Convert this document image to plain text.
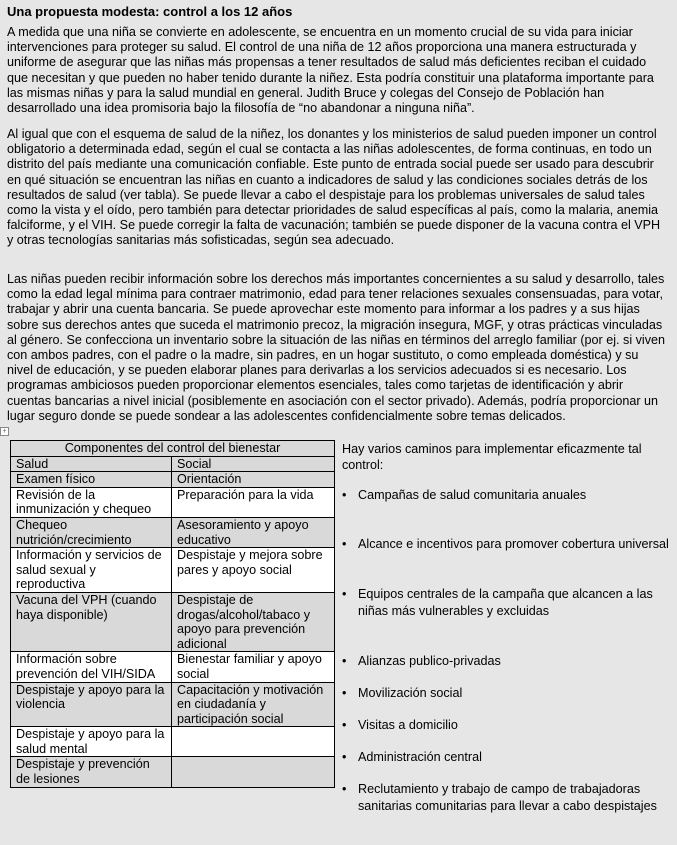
Una propuesta modesta: control a los 12 años

A medida que una niña se convierte en adolescente, se encuentra en un momento crucial de su vida para iniciar intervenciones para proteger su salud. El control de una niña de 12 años proporciona una manera estructurada y uniforme de asegurar que las niñas más propensas a tener resultados de salud más deficientes reciban el cuidado que necesitan y que pueden no haber tenido durante la niñez. Esta podría constituir una plataforma importante para las mismas niñas y para la salud mundial en general. Judith Bruce y colegas del Consejo de Población han desarrollado una idea promisoria bajo la filosofía de “no abandonar a ninguna niña”.

Al igual que con el esquema de salud de la niñez, los donantes y los ministerios de salud pueden imponer un control obligatorio a determinada edad, según el cual se contacta a las niñas adolescentes, de forma continuas, en todo un distrito del país mediante una comunicación confiable. Este punto de entrada social puede ser usado para descubrir en qué situación se encuentran las niñas en cuanto a indicadores de salud y las condiciones sociales detrás de los resultados de salud (ver tabla). Se puede llevar a cabo el despistaje para los problemas universales de salud tales como la vista y el oído, pero también para detectar prioridades de salud específicas al país, como la malaria, anemia falciforme, y el VIH. Se puede corregir la falta de vacunación; también se puede disponer de la vacuna contra el VPH y otras tecnologías sanitarias más sofisticadas, según sea adecuado.

Las niñas pueden recibir información sobre los derechos más importantes concernientes a su salud y desarrollo, tales como la edad legal mínima para contraer matrimonio, edad para tener relaciones sexuales consensuadas, para votar, trabajar y abrir una cuenta bancaria. Se puede aprovechar este momento para informar a los padres y a sus hijas sobre sus derechos antes que suceda el matrimonio precoz, la migración insegura, MGF, y otras prácticas vinculadas al género. Se confecciona un inventario sobre la situación de las niñas en términos del arreglo familiar (por ej. si viven con ambos padres, con el padre o la madre, sin padres, en un hogar sustituto, o como empleada doméstica) y su nivel de educación, y se pueden elaborar planes para derivarlas a los servicios adecuados si es necesario. Los programas ambiciosos pueden proporcionar elementos esenciales, tales como tarjetas de identificación y abrir cuentas bancarias a nivel inicial (posiblemente en asociación con el sector privado). Además, podría proporcionar un lugar seguro donde se puede sondear a las adolescentes confidencialmente sobre temas delicados.

+
Componentes del control del bienestar	
Salud	Social
Examen físico	Orientación
Revisión de la inmunización y chequeo	Preparación para la vida
Chequeo nutrición/crecimiento	Asesoramiento y apoyo educativo
Información y servicios de salud sexual y reproductiva	Despistaje y mejora sobre pares y apoyo social
Vacuna del VPH (cuando haya disponible)	Despistaje de drogas/alcohol/tabaco y apoyo para prevención adicional
Información sobre prevención del VIH/SIDA	Bienestar familiar y apoyo social
Despistaje y apoyo para la violencia	Capacitación y motivación en ciudadanía y participación social
Despistaje y apoyo para la salud mental	
Despistaje y prevención de lesiones	
Hay varios caminos para implementar eficazmente tal control:
• Campañas de salud comunitaria anuales
• Alcance e incentivos para promover cobertura universal
• Equipos centrales de la campaña que alcancen a las niñas más vulnerables y excluidas
• Alianzas publico-privadas
• Movilización social
• Visitas a domicilio
• Administración central
• Reclutamiento y trabajo de campo de trabajadoras sanitarias comunitarias para llevar a cabo despistajes
